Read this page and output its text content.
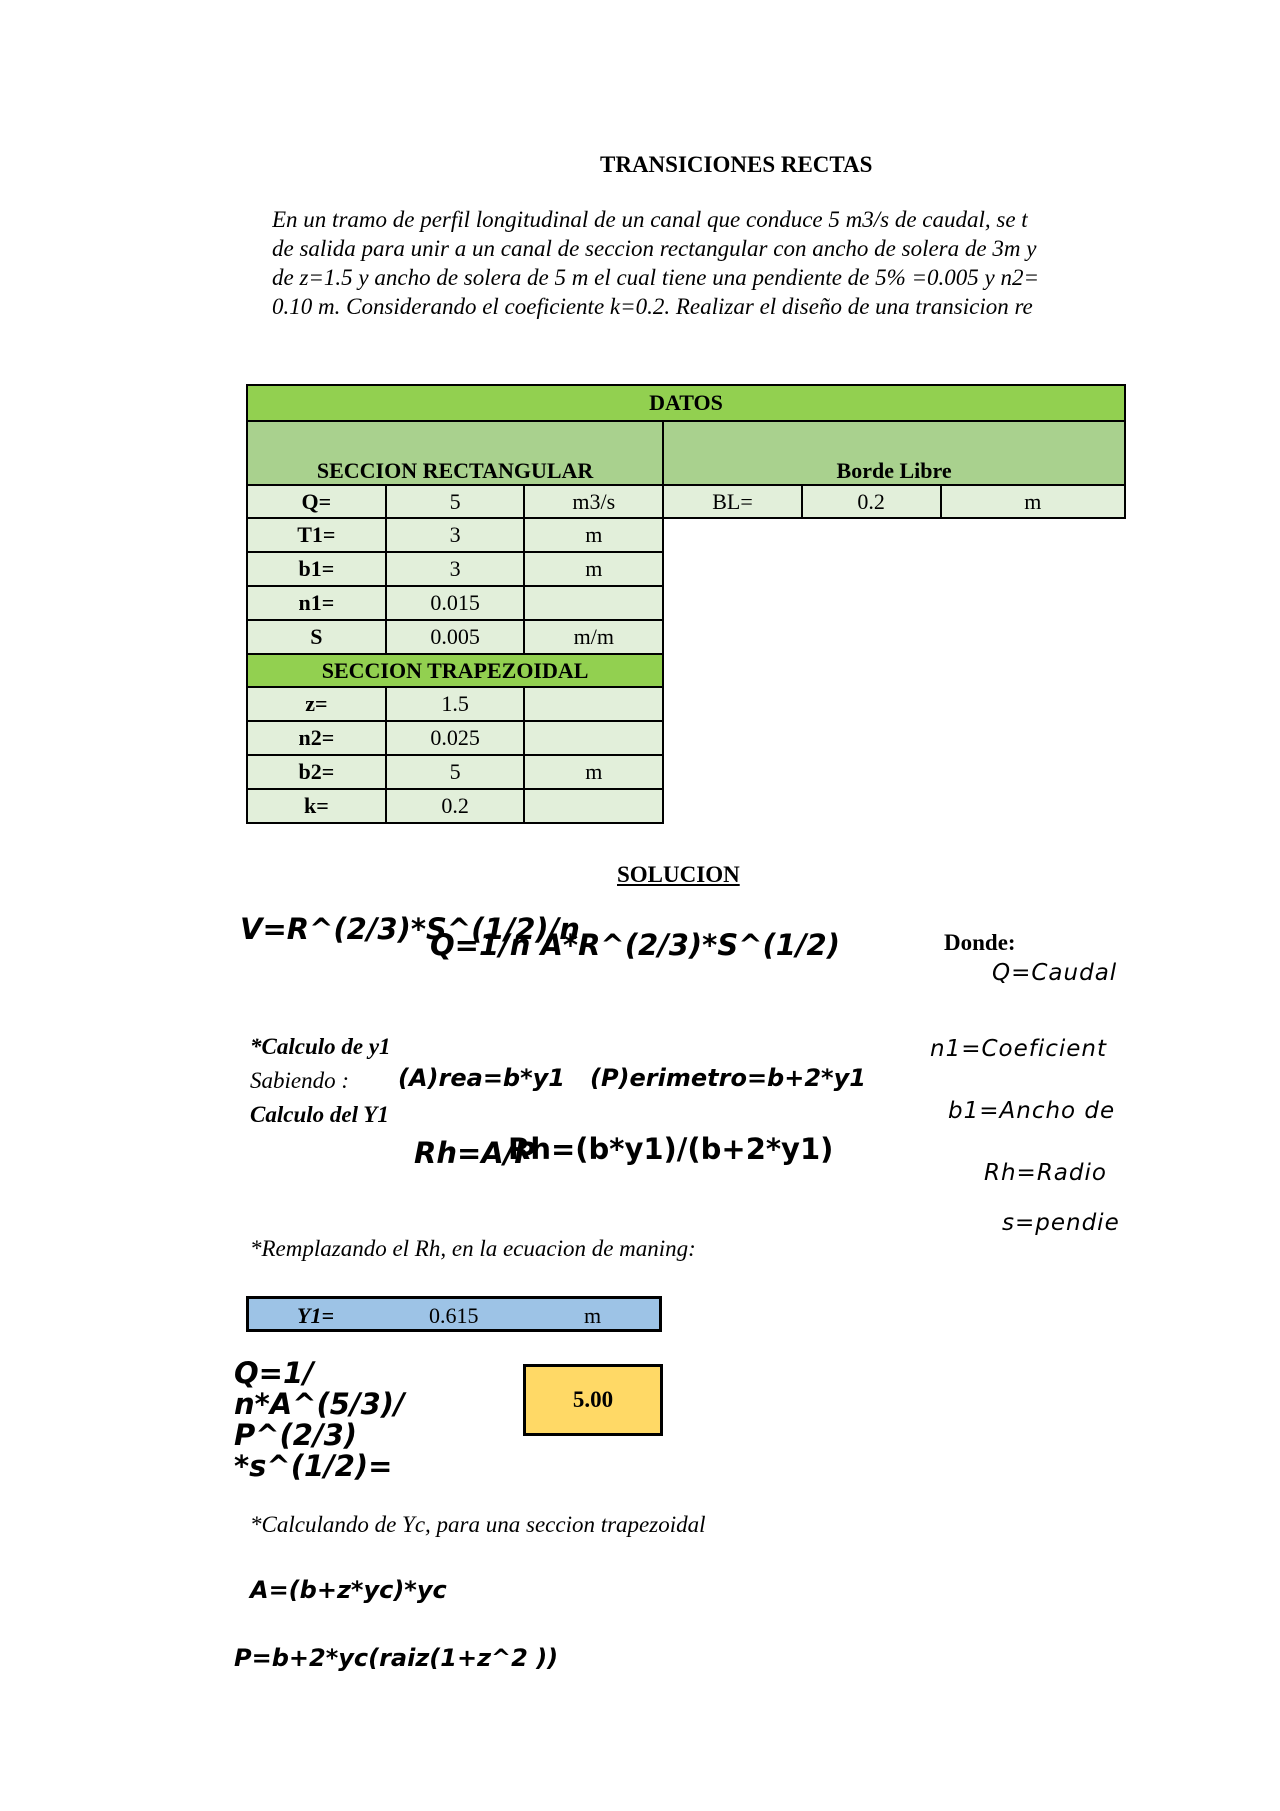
TRANSICIONES RECTAS
En un tramo de perfil longitudinal de un canal que conduce 5 m3/s de caudal, se t
de salida para unir a un canal de seccion rectangular con ancho de solera de 3m y
de z=1.5 y ancho de solera de 5 m el cual tiene una pendiente de 5% =0.005 y n2=
0.10 m. Considerando el coeficiente k=0.2. Realizar el diseño de una transicion re
DATOS					
SECCION RECTANGULAR			Borde Libre		
Q=	5	m3/s	BL=	0.2	m
T1=	3	m			
b1=	3	m			
n1=	0.015				
S	0.005	m/m			
SECCION TRAPEZOIDAL					
z=	1.5				
n2=	0.025				
b2=	5	m			
k=	0.2				
SOLUCION
V=R^(2/3)*S^(1/2)/n
Q=1/n A*R^(2/3)*S^(1/2)	Donde:
Q=Caudal
n1=Coeficient
b1=Ancho de
Rh=Radio
s=pendie
*Calculo de y1
Sabiendo : (A)rea=b*y1 (P)erimetro=b+2*y1
Calculo del Y1
Rh=A/P
Rh=(b*y1)/(b+2*y1)
*Remplazando el Rh, en la ecuacion de maning:
Y1=	0.615	m
Q=1/
n*A^(5/3)/
P^(2/3)
*s^(1/2)=
5.00
*Calculando de Yc, para una seccion trapezoidal
A=(b+z*yc)*yc
P=b+2*yc(raiz(1+z^2 ))
